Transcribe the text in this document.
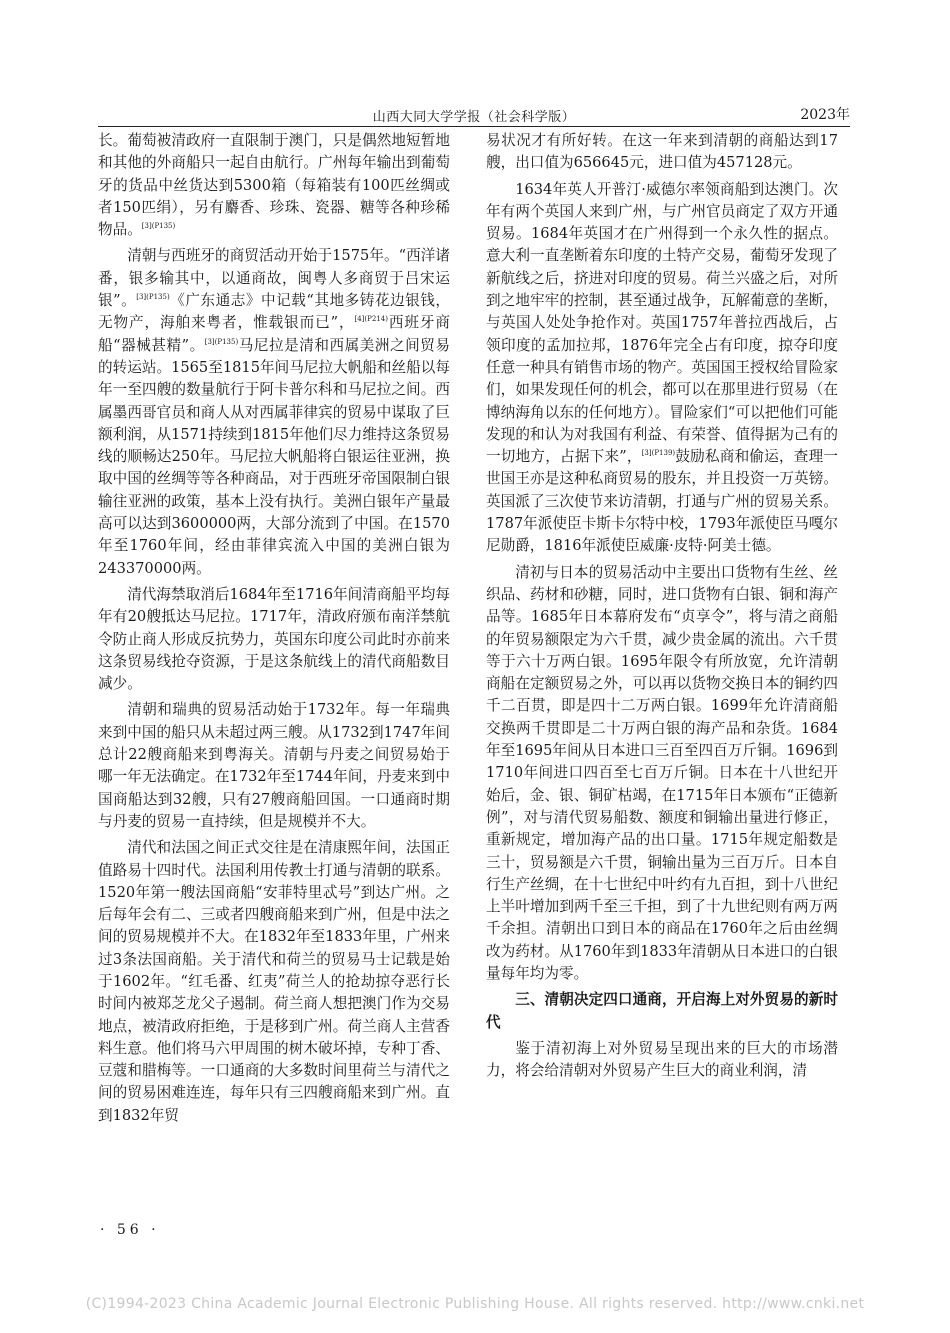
山西大同大学学报（社会科学版）	2023年

长。葡萄被清政府一直限制于澳门，只是偶然地短暂地和其他的外商船只一起自由航行。广州每年输出到葡萄牙的货品中丝货达到5300箱（每箱装有100匹丝绸或者150匹绢），另有麝香、珍珠、瓷器、糖等各种珍稀物品。$^{[3](P135)}$

清朝与西班牙的商贸活动开始于1575年。“西洋诸番，银多输其中，以通商故，闽粤人多商贸于吕宋运银”。$^{[3](P135)}$《广东通志》中记载“其地多铸花边银钱，无物产，海舶来粤者，惟载银而已”，$^{[4](P214)}$西班牙商船“器械甚精”。$^{[3](P135)}$马尼拉是清和西属美洲之间贸易的转运站。1565至1815年间马尼拉大帆船和丝船以每年一至四艘的数量航行于阿卡普尔科和马尼拉之间。西属墨西哥官员和商人从对西属菲律宾的贸易中谋取了巨额利润，从1571持续到1815年他们尽力维持这条贸易线的顺畅达250年。马尼拉大帆船将白银运往亚洲，换取中国的丝绸等等各种商品，对于西班牙帝国限制白银输往亚洲的政策，基本上没有执行。美洲白银年产量最高可以达到3600000两，大部分流到了中国。在1570年至1760年间，经由菲律宾流入中国的美洲白银为243370000两。

清代海禁取消后1684年至1716年间清商船平均每年有20艘抵达马尼拉。1717年，清政府颁布南洋禁航令防止商人形成反抗势力，英国东印度公司此时亦前来这条贸易线抢夺资源，于是这条航线上的清代商船数目减少。

清朝和瑞典的贸易活动始于1732年。每一年瑞典来到中国的船只从未超过两三艘。从1732到1747年间总计22艘商船来到粤海关。清朝与丹麦之间贸易始于哪一年无法确定。在1732年至1744年间，丹麦来到中国商船达到32艘，只有27艘商船回国。一口通商时期与丹麦的贸易一直持续，但是规模并不大。

清代和法国之间正式交往是在清康熙年间，法国正值路易十四时代。法国利用传教士打通与清朝的联系。1520年第一艘法国商船“安菲特里忒号”到达广州。之后每年会有二、三或者四艘商船来到广州，但是中法之间的贸易规模并不大。在1832年至1833年里，广州来过3条法国商船。关于清代和荷兰的贸易马士记载是始于1602年。“红毛番、红夷”荷兰人的抢劫掠夺恶行长时间内被郑芝龙父子遏制。荷兰商人想把澳门作为交易地点，被清政府拒绝，于是移到广州。荷兰商人主营香料生意。他们将马六甲周围的树木破坏掉，专种丁香、豆蔻和腊梅等。一口通商的大多数时间里荷兰与清代之间的贸易困难连连，每年只有三四艘商船来到广州。直到1832年贸

易状况才有所好转。在这一年来到清朝的商船达到17艘，出口值为656645元，进口值为457128元。

1634年英人开普汀·威德尔率领商船到达澳门。次年有两个英国人来到广州，与广州官员商定了双方开通贸易。1684年英国才在广州得到一个永久性的据点。意大利一直垄断着东印度的土特产交易，葡萄牙发现了新航线之后，挤进对印度的贸易。荷兰兴盛之后，对所到之地牢牢的控制，甚至通过战争，瓦解葡意的垄断，与英国人处处争抢作对。英国1757年普拉西战后，占领印度的孟加拉邦，1876年完全占有印度，掠夺印度任意一种具有销售市场的物产。英国国王授权给冒险家们，如果发现任何的机会，都可以在那里进行贸易（在博纳海角以东的任何地方）。冒险家们“可以把他们可能发现的和认为对我国有利益、有荣誉、值得据为己有的一切地方，占据下来”，$^{[3](P139)}$鼓励私商和偷运，查理一世国王亦是这种私商贸易的股东，并且投资一万英镑。英国派了三次使节来访清朝，打通与广州的贸易关系。1787年派使臣卡斯卡尔特中校，1793年派使臣马嘎尔尼勋爵，1816年派使臣威廉·皮特·阿美士德。

清初与日本的贸易活动中主要出口货物有生丝、丝织品、药材和砂糖，同时，进口货物有白银、铜和海产品等。1685年日本幕府发布“贞享令”，将与清之商船的年贸易额限定为六千贯，减少贵金属的流出。六千贯等于六十万两白银。1695年限令有所放宽，允许清朝商船在定额贸易之外，可以再以货物交换日本的铜约四千二百贯，即是四十二万两白银。1699年允许清商船交换两千贯即是二十万两白银的海产品和杂货。1684年至1695年间从日本进口三百至四百万斤铜。1696到1710年间进口四百至七百万斤铜。日本在十八世纪开始后，金、银、铜矿枯竭，在1715年日本颁布“正德新例”，对与清代贸易船数、额度和铜输出量进行修正，重新规定，增加海产品的出口量。1715年规定船数是三十，贸易额是六千贯，铜输出量为三百万斤。日本自行生产丝绸，在十七世纪中叶约有九百担，到十八世纪上半叶增加到两千至三千担，到了十九世纪则有两万两千余担。清朝出口到日本的商品在1760年之后由丝绸改为药材。从1760年到1833年清朝从日本进口的白银量每年均为零。

三、清朝决定四口通商，开启海上对外贸易的新时代

鉴于清初海上对外贸易呈现出来的巨大的市场潜力，将会给清朝对外贸易产生巨大的商业利润，清

· 56 ·
(C)1994-2023 China Academic Journal Electronic Publishing House. All rights reserved. http://www.cnki.net
